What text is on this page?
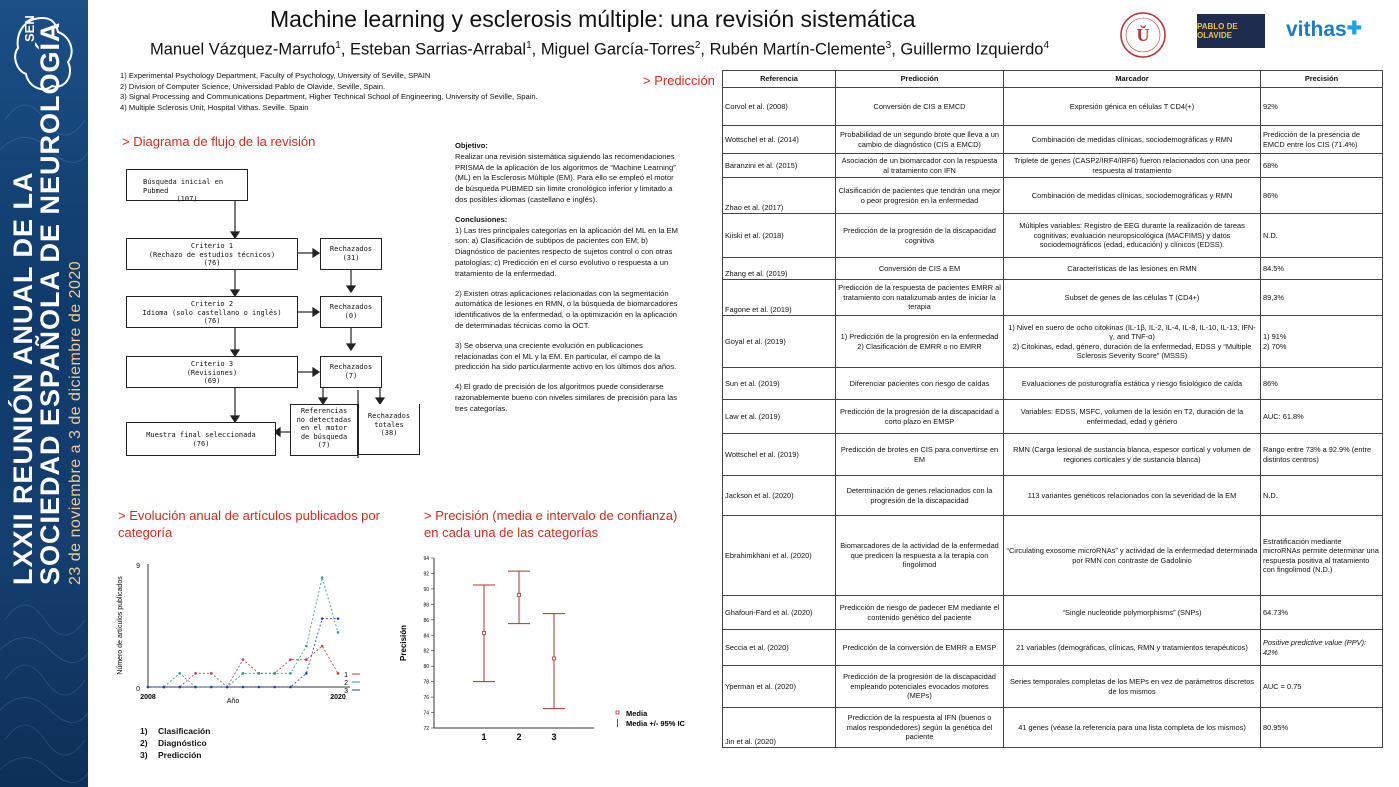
SEN
LXXII REUNIÓN ANUAL DE LA
SOCIEDAD ESPAÑOLA DE NEUROLOGÍA 23 de noviembre a 3 de diciembre de 2020
Machine learning y esclerosis múltiple: una revisión sistemática
Manuel Vázquez-Marrufo$^1$, Esteban Sarrias-Arrabal$^1$, Miguel García-Torres$^2$, Rubén Martín-Clemente$^3$, Guillermo Izquierdo$^4$
1) Experimental Psychology Department, Faculty of Psychology, University of Seville, SPAIN
2) Division of Computer Science, Universidad Pablo de Olavide, Seville, Spain.
3) Signal Processing and Communications Department, Higher Technical School of Engineering, University of Seville, Spain.
4) Multiple Sclerosis Unit, Hospital Vithas. Seville. Spain
Ŭ	PABLO DE OLAVIDE	vithas✚
> Diagrama de flujo de la revisión
> Evolución anual de artículos publicados por categoría
> Precisión (media e intervalo de confianza) en cada una de las categorías
> Predicción

Objetivo:
Realizar una revisión sistemática siguiendo las recomendaciones PRISMA de la aplicación de los algoritmos de “Machine Learning” (ML) en la Esclerosis Múltiple (EM). Para ello se empleó el motor de búsqueda PUBMED sin límite cronológico inferior y limitado a dos posibles idiomas (castellano e inglés).

Conclusiones:

1) Las tres principales categorías en la aplicación del ML en la EM son: a) Clasificación de subtipos de pacientes con EM; b) Diagnóstico de pacientes respecto de sujetos control o con otras patologías; c) Predicción en el curso evolutivo o respuesta a un tratamiento de la enfermedad.

2) Existen otras aplicaciones relacionadas con la segmentación automática de lesiones en RMN, o la búsqueda de biomarcadores identificativos de la enfermedad, o la optimización en la aplicación de determinadas técnicas como la OCT.

3) Se observa una creciente evolución en publicaciones relacionadas con el ML y la EM. En particular, el campo de la predicción ha sido particularmente activo en los últimos dos años.

4) El grado de precisión de los algoritmos puede considerarse razonablemente bueno con niveles similares de precisión para las tres categorías.

Búsqueda inicial en Pubmed
(107)
Criterio 1
(Rechazo de estudios técnicos)
(76)
Rechazados
(31)
Criterio 2
Idioma (solo castellano o inglés)
(76)
Rechazados
(0)
Criterio 3
(Revisiones)
(69)
Rechazados
(7)
Referencias
no detectadas
en el motor
de búsqueda
(7)
Rechazados
totales
(38)
Muestra final seleccionada
(76)
0
9
2008	2020
Año
Número de artículos publicados
1
2
3
72
74
76
78
80
82
84
86
88
90
92
94
Precisión
1	2	3
Media
Media +/- 95% IC
1) Clasificación
2) Diagnóstico
3) Predicción
Referencia	Predicción	Marcador	Precisión
Corvol et al. (2008)	Conversión de CIS a EMCD	Expresión génica en células T CD4(+)	92%
Wottschel et al. (2014)	Probabilidad de un segundo brote que lleva a un cambio de diagnóstico (CIS a EMCD)	Combinación de medidas clínicas, sociodemográficas y RMN	Predicción de la presencia de EMCD entre los CIS (71.4%)
Baranzini et al. (2015)	Asociación de un biomarcador con la respuesta al tratamiento con IFN	Triplete de genes (CASP2/IRF4/IRF6) fueron relacionados con una peor respuesta al tratamiento	68%
Zhao et al. (2017)	Clasificación de pacientes que tendrán una mejor o peor progresión en la enfermedad	Combinación de medidas clínicas, sociodemográficas y RMN	86%
Kiiski et al. (2018)	Predicción de la progresión de la discapacidad cognitiva	Múltiples variables: Registro de EEG durante la realización de tareas cognitivas; evaluación neuropsicológica (MACFIMS) y datos sociodemográficos (edad, educación) y clínicos (EDSS).	N.D.
Zhang et al. (2019)	Conversión de CIS a EM	Características de las lesiones en RMN	84.5%
Fagone et al. (2019)	Predicción de la respuesta de pacientes EMRR al tratamiento con natalizumab antes de iniciar la terapia	Subset de genes de las células T (CD4+)	89,3%
Goyal et al. (2019)	1) Predicción de la progresión en la enfermedad
2) Clasificación de EMRR o no EMRR	1) Nivel en suero de ocho citokinas (IL-1β, IL-2, IL-4, IL-8, IL-10, IL-13, IFN-γ, and TNF-α)
2) Citokinas, edad, género, duración de la enfermedad, EDSS y “Multiple Sclerosis Severity Score” (MSSS)	1) 91%
2) 70%
Sun et al. (2019)	Diferenciar pacientes con riesgo de caídas	Evaluaciones de posturografía estática y riesgo fisiológico de caída	86%
Law et al. (2019)	Predicción de la progresión de la discapacidad a corto plazo en EMSP	Variables: EDSS, MSFC, volumen de la lesión en T2, duración de la enfermedad, edad y género	AUC: 61.8%
Wottschel et al. (2019)	Predicción de brotes en CIS para convertirse en EM	RMN (Carga lesional de sustancia blanca, espesor cortical y volumen de regiones corticales y de sustancia blanca)	Rango entre 73% a 92.9% (entre distintos centros)
Jackson et al. (2020)	Determinación de genes relacionados con la progresión de la discapacidad	113 variantes genéticos relacionados con la severidad de la EM	N.D.
Ebrahimkhani et al. (2020)	Biomarcadores de la actividad de la enfermedad que predicen la respuesta a la terapia con fingolimod	“Circulating exosome microRNAs” y actividad de la enfermedad determinada por RMN con contraste de Gadolinio	Estratificación mediante microRNAs permite determinar una respuesta positiva al tratamiento con fingolimod (N.D.)
Ghafouri-Fard et al. (2020)	Predicción de riesgo de padecer EM mediante el contenido genético del paciente	“Single nucleotide polymorphisms” (SNPs)	64.73%
Seccia et al. (2020)	Predicción de la conversión de EMRR a EMSP	21 variables (demográficas, clínicas, RMN y tratamientos terapéuticos)	Positive predictive value (PPV): 42%
Yperman et al. (2020)	Predicción de la progresión de la discapacidad empleando potenciales evocados motores (MEPs)	Series temporales completas de los MEPs en vez de parámetros discretos de los mismos	AUC = 0.75
Jin et al. (2020)	Predicción de la respuesta al IFN (buenos o malos respondedores) según la genética del paciente	41 genes (véase la referencia para una lista completa de los mismos)	80.95%
